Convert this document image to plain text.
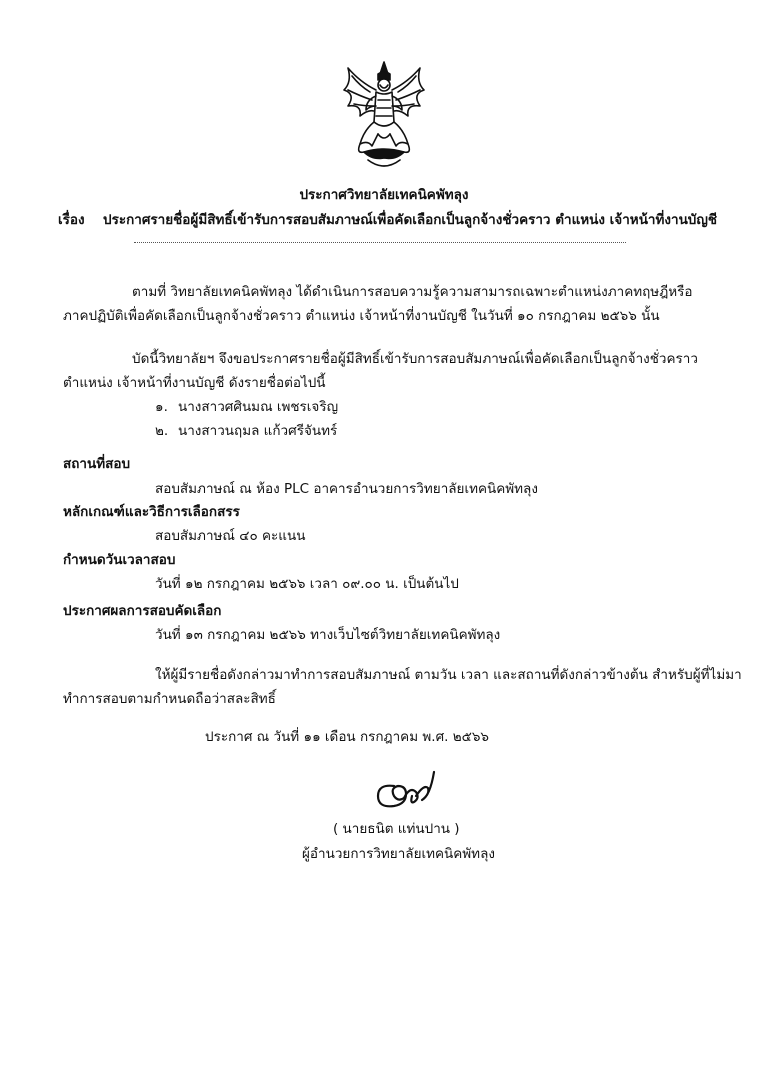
ประกาศวิทยาลัยเทคนิคพัทลุง
เรื่อง ประกาศรายชื่อผู้มีสิทธิ์เข้ารับการสอบสัมภาษณ์เพื่อคัดเลือกเป็นลูกจ้างชั่วคราว ตำแหน่ง เจ้าหน้าที่งานบัญชี
ตามที่ วิทยาลัยเทคนิคพัทลุง ได้ดำเนินการสอบความรู้ความสามารถเฉพาะตำแหน่งภาคทฤษฎีหรือ
ภาคปฏิบัติเพื่อคัดเลือกเป็นลูกจ้างชั่วคราว ตำแหน่ง เจ้าหน้าที่งานบัญชี ในวันที่ ๑๐ กรกฎาคม ๒๕๖๖ นั้น
บัดนี้วิทยาลัยฯ จึงขอประกาศรายชื่อผู้มีสิทธิ์เข้ารับการสอบสัมภาษณ์เพื่อคัดเลือกเป็นลูกจ้างชั่วคราว
ตำแหน่ง เจ้าหน้าที่งานบัญชี ดังรายชื่อต่อไปนี้
๑. นางสาวศศินมณ เพชรเจริญ
๒. นางสาวนฤมล แก้วศรีจันทร์
สถานที่สอบ
สอบสัมภาษณ์ ณ ห้อง PLC อาคารอำนวยการวิทยาลัยเทคนิคพัทลุง
หลักเกณฑ์และวิธีการเลือกสรร
สอบสัมภาษณ์ ๔๐ คะแนน
กำหนดวันเวลาสอบ
วันที่ ๑๒ กรกฎาคม ๒๕๖๖ เวลา ๐๙.๐๐ น. เป็นต้นไป
ประกาศผลการสอบคัดเลือก
วันที่ ๑๓ กรกฎาคม ๒๕๖๖ ทางเว็บไซต์วิทยาลัยเทคนิคพัทลุง
ให้ผู้มีรายชื่อดังกล่าวมาทำการสอบสัมภาษณ์ ตามวัน เวลา และสถานที่ดังกล่าวข้างต้น สำหรับผู้ที่ไม่มา
ทำการสอบตามกำหนดถือว่าสละสิทธิ์
ประกาศ ณ วันที่ ๑๑ เดือน กรกฎาคม พ.ศ. ๒๕๖๖
( นายธนิต แท่นปาน )
ผู้อำนวยการวิทยาลัยเทคนิคพัทลุง
